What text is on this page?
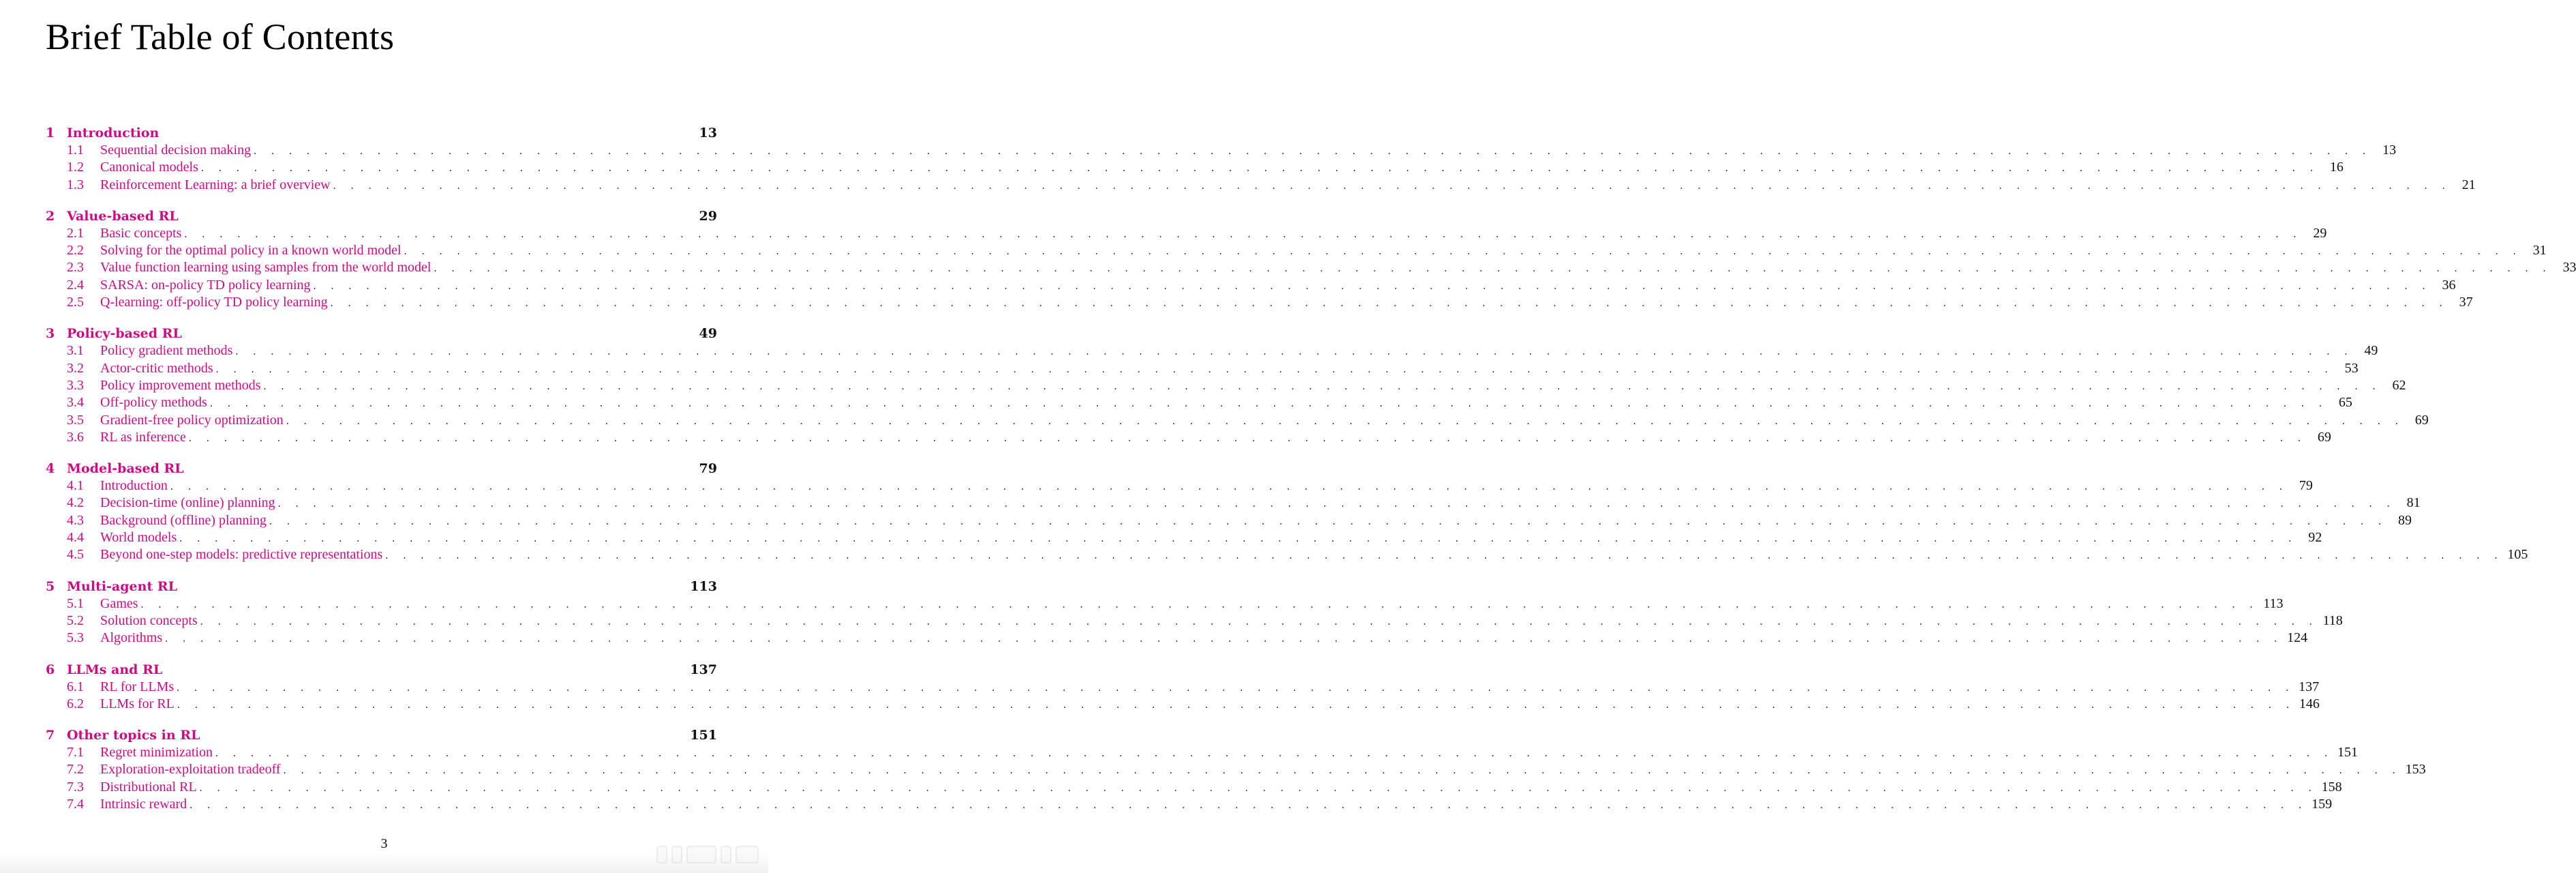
Brief Table of Contents
1 Introduction	13
1.1	Sequential decision making . . . . . . . . . . . . . . . . . . . . . . . . . . . . . . . . . . . . . . . . . . . . . . . . . . . . . . . . . . . . . . . . . . . . . . . . . . . . . . . . . . . . . . . . . . . . . . . . . . . . . . . . . . . . . . . . . . . . . . . . 13
1.2	Canonical models . . . . . . . . . . . . . . . . . . . . . . . . . . . . . . . . . . . . . . . . . . . . . . . . . . . . . . . . . . . . . . . . . . . . . . . . . . . . . . . . . . . . . . . . . . . . . . . . . . . . . . . . . . . . . . . . . . . . . . . . 16
1.3	Reinforcement Learning: a brief overview . . . . . . . . . . . . . . . . . . . . . . . . . . . . . . . . . . . . . . . . . . . . . . . . . . . . . . . . . . . . . . . . . . . . . . . . . . . . . . . . . . . . . . . . . . . . . . . . . . . . . . . . . . . . . . . . . . . . . . . . 21
2 Value-based RL	29
2.1	Basic concepts . . . . . . . . . . . . . . . . . . . . . . . . . . . . . . . . . . . . . . . . . . . . . . . . . . . . . . . . . . . . . . . . . . . . . . . . . . . . . . . . . . . . . . . . . . . . . . . . . . . . . . . . . . . . . . . . . . . . . . . . 29
2.2	Solving for the optimal policy in a known world model . . . . . . . . . . . . . . . . . . . . . . . . . . . . . . . . . . . . . . . . . . . . . . . . . . . . . . . . . . . . . . . . . . . . . . . . . . . . . . . . . . . . . . . . . . . . . . . . . . . . . . . . . . . . . . . . . . . . . . . . 31
2.3	Value function learning using samples from the world model . . . . . . . . . . . . . . . . . . . . . . . . . . . . . . . . . . . . . . . . . . . . . . . . . . . . . . . . . . . . . . . . . . . . . . . . . . . . . . . . . . . . . . . . . . . . . . . . . . . . . . . . . . . . . . . . . . . . . . . . 33
2.4	SARSA: on-policy TD policy learning . . . . . . . . . . . . . . . . . . . . . . . . . . . . . . . . . . . . . . . . . . . . . . . . . . . . . . . . . . . . . . . . . . . . . . . . . . . . . . . . . . . . . . . . . . . . . . . . . . . . . . . . . . . . . . . . . . . . . . . . 36
2.5	Q-learning: off-policy TD policy learning . . . . . . . . . . . . . . . . . . . . . . . . . . . . . . . . . . . . . . . . . . . . . . . . . . . . . . . . . . . . . . . . . . . . . . . . . . . . . . . . . . . . . . . . . . . . . . . . . . . . . . . . . . . . . . . . . . . . . . . . 37
3 Policy-based RL	49
3.1	Policy gradient methods . . . . . . . . . . . . . . . . . . . . . . . . . . . . . . . . . . . . . . . . . . . . . . . . . . . . . . . . . . . . . . . . . . . . . . . . . . . . . . . . . . . . . . . . . . . . . . . . . . . . . . . . . . . . . . . . . . . . . . . . 49
3.2	Actor-critic methods . . . . . . . . . . . . . . . . . . . . . . . . . . . . . . . . . . . . . . . . . . . . . . . . . . . . . . . . . . . . . . . . . . . . . . . . . . . . . . . . . . . . . . . . . . . . . . . . . . . . . . . . . . . . . . . . . . . . . . . . 53
3.3	Policy improvement methods . . . . . . . . . . . . . . . . . . . . . . . . . . . . . . . . . . . . . . . . . . . . . . . . . . . . . . . . . . . . . . . . . . . . . . . . . . . . . . . . . . . . . . . . . . . . . . . . . . . . . . . . . . . . . . . . . . . . . . . . 62
3.4	Off-policy methods . . . . . . . . . . . . . . . . . . . . . . . . . . . . . . . . . . . . . . . . . . . . . . . . . . . . . . . . . . . . . . . . . . . . . . . . . . . . . . . . . . . . . . . . . . . . . . . . . . . . . . . . . . . . . . . . . . . . . . . . 65
3.5	Gradient-free policy optimization . . . . . . . . . . . . . . . . . . . . . . . . . . . . . . . . . . . . . . . . . . . . . . . . . . . . . . . . . . . . . . . . . . . . . . . . . . . . . . . . . . . . . . . . . . . . . . . . . . . . . . . . . . . . . . . . . . . . . . . . 69
3.6	RL as inference . . . . . . . . . . . . . . . . . . . . . . . . . . . . . . . . . . . . . . . . . . . . . . . . . . . . . . . . . . . . . . . . . . . . . . . . . . . . . . . . . . . . . . . . . . . . . . . . . . . . . . . . . . . . . . . . . . . . . . . . 69
4 Model-based RL	79
4.1	Introduction . . . . . . . . . . . . . . . . . . . . . . . . . . . . . . . . . . . . . . . . . . . . . . . . . . . . . . . . . . . . . . . . . . . . . . . . . . . . . . . . . . . . . . . . . . . . . . . . . . . . . . . . . . . . . . . . . . . . . . . . 79
4.2	Decision-time (online) planning . . . . . . . . . . . . . . . . . . . . . . . . . . . . . . . . . . . . . . . . . . . . . . . . . . . . . . . . . . . . . . . . . . . . . . . . . . . . . . . . . . . . . . . . . . . . . . . . . . . . . . . . . . . . . . . . . . . . . . . . 81
4.3	Background (offline) planning . . . . . . . . . . . . . . . . . . . . . . . . . . . . . . . . . . . . . . . . . . . . . . . . . . . . . . . . . . . . . . . . . . . . . . . . . . . . . . . . . . . . . . . . . . . . . . . . . . . . . . . . . . . . . . . . . . . . . . . . 89
4.4	World models . . . . . . . . . . . . . . . . . . . . . . . . . . . . . . . . . . . . . . . . . . . . . . . . . . . . . . . . . . . . . . . . . . . . . . . . . . . . . . . . . . . . . . . . . . . . . . . . . . . . . . . . . . . . . . . . . . . . . . . . 92
4.5	Beyond one-step models: predictive representations . . . . . . . . . . . . . . . . . . . . . . . . . . . . . . . . . . . . . . . . . . . . . . . . . . . . . . . . . . . . . . . . . . . . . . . . . . . . . . . . . . . . . . . . . . . . . . . . . . . . . . . . . . . . . . . . . . . . . . . . 105
5 Multi-agent RL	113
5.1	Games . . . . . . . . . . . . . . . . . . . . . . . . . . . . . . . . . . . . . . . . . . . . . . . . . . . . . . . . . . . . . . . . . . . . . . . . . . . . . . . . . . . . . . . . . . . . . . . . . . . . . . . . . . . . . . . . . . . . . . . . 113
5.2	Solution concepts . . . . . . . . . . . . . . . . . . . . . . . . . . . . . . . . . . . . . . . . . . . . . . . . . . . . . . . . . . . . . . . . . . . . . . . . . . . . . . . . . . . . . . . . . . . . . . . . . . . . . . . . . . . . . . . . . . . . . . . . 118
5.3	Algorithms . . . . . . . . . . . . . . . . . . . . . . . . . . . . . . . . . . . . . . . . . . . . . . . . . . . . . . . . . . . . . . . . . . . . . . . . . . . . . . . . . . . . . . . . . . . . . . . . . . . . . . . . . . . . . . . . . . . . . . . . 124
6 LLMs and RL	137
6.1	RL for LLMs . . . . . . . . . . . . . . . . . . . . . . . . . . . . . . . . . . . . . . . . . . . . . . . . . . . . . . . . . . . . . . . . . . . . . . . . . . . . . . . . . . . . . . . . . . . . . . . . . . . . . . . . . . . . . . . . . . . . . . . . 137
6.2	LLMs for RL . . . . . . . . . . . . . . . . . . . . . . . . . . . . . . . . . . . . . . . . . . . . . . . . . . . . . . . . . . . . . . . . . . . . . . . . . . . . . . . . . . . . . . . . . . . . . . . . . . . . . . . . . . . . . . . . . . . . . . . . 146
7 Other topics in RL	151
7.1	Regret minimization . . . . . . . . . . . . . . . . . . . . . . . . . . . . . . . . . . . . . . . . . . . . . . . . . . . . . . . . . . . . . . . . . . . . . . . . . . . . . . . . . . . . . . . . . . . . . . . . . . . . . . . . . . . . . . . . . . . . . . . . 151
7.2	Exploration-exploitation tradeoff . . . . . . . . . . . . . . . . . . . . . . . . . . . . . . . . . . . . . . . . . . . . . . . . . . . . . . . . . . . . . . . . . . . . . . . . . . . . . . . . . . . . . . . . . . . . . . . . . . . . . . . . . . . . . . . . . . . . . . . . 153
7.3	Distributional RL . . . . . . . . . . . . . . . . . . . . . . . . . . . . . . . . . . . . . . . . . . . . . . . . . . . . . . . . . . . . . . . . . . . . . . . . . . . . . . . . . . . . . . . . . . . . . . . . . . . . . . . . . . . . . . . . . . . . . . . . 158
7.4	Intrinsic reward . . . . . . . . . . . . . . . . . . . . . . . . . . . . . . . . . . . . . . . . . . . . . . . . . . . . . . . . . . . . . . . . . . . . . . . . . . . . . . . . . . . . . . . . . . . . . . . . . . . . . . . . . . . . . . . . . . . . . . . . 159
3
